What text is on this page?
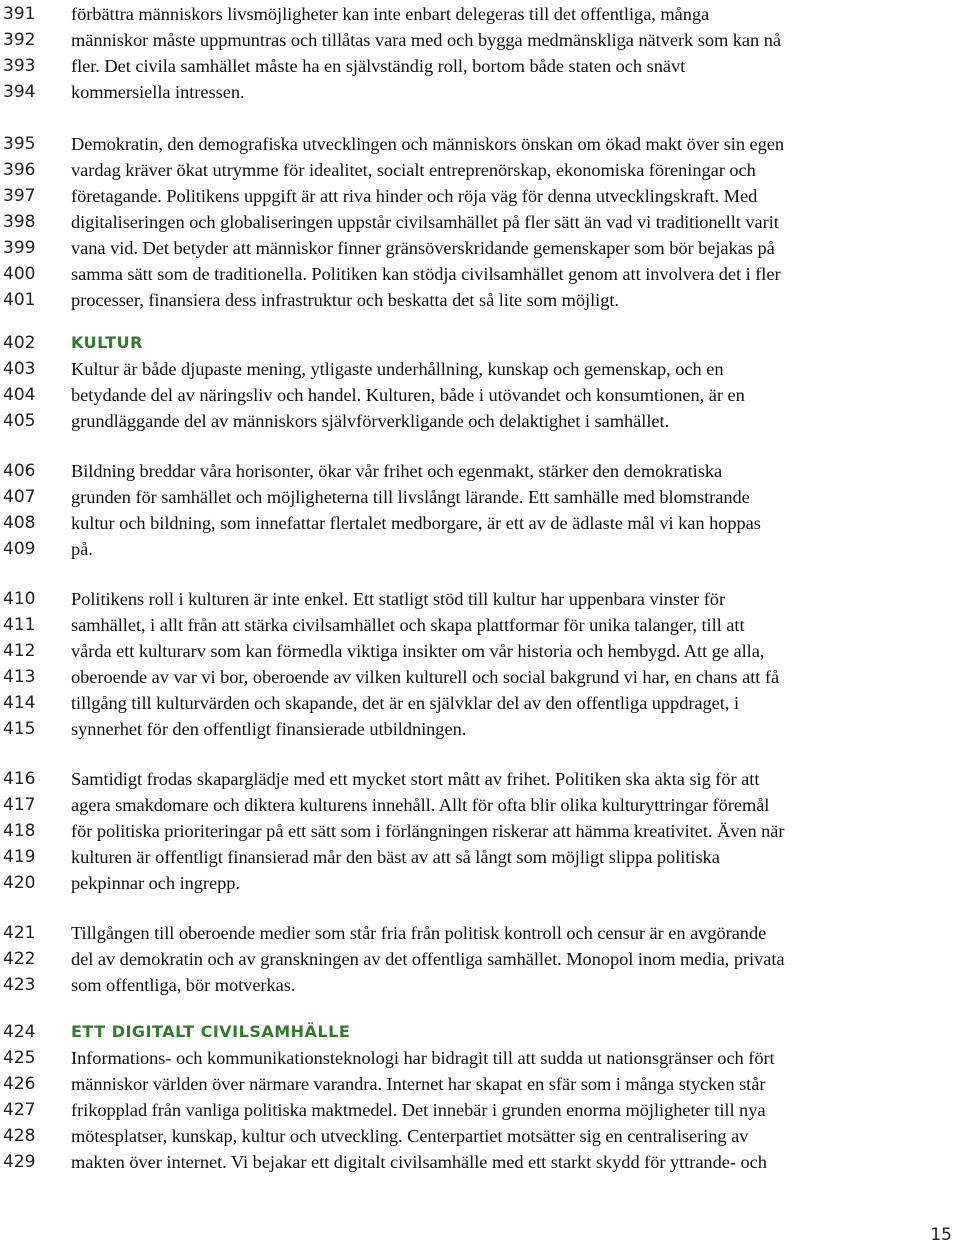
391	förbättra människors livsmöjligheter kan inte enbart delegeras till det offentliga, många
392	människor måste uppmuntras och tillåtas vara med och bygga medmänskliga nätverk som kan nå
393	fler. Det civila samhället måste ha en självständig roll, bortom både staten och snävt
394	kommersiella intressen.
395	Demokratin, den demografiska utvecklingen och människors önskan om ökad makt över sin egen
396	vardag kräver ökat utrymme för idealitet, socialt entreprenörskap, ekonomiska föreningar och
397	företagande. Politikens uppgift är att riva hinder och röja väg för denna utvecklingskraft. Med
398	digitaliseringen och globaliseringen uppstår civilsamhället på fler sätt än vad vi traditionellt varit
399	vana vid. Det betyder att människor finner gränsöverskridande gemenskaper som bör bejakas på
400	samma sätt som de traditionella. Politiken kan stödja civilsamhället genom att involvera det i fler
401	processer, finansiera dess infrastruktur och beskatta det så lite som möjligt.
402	KULTUR
403	Kultur är både djupaste mening, ytligaste underhållning, kunskap och gemenskap, och en
404	betydande del av näringsliv och handel. Kulturen, både i utövandet och konsumtionen, är en
405	grundläggande del av människors självförverkligande och delaktighet i samhället.
406	Bildning breddar våra horisonter, ökar vår frihet och egenmakt, stärker den demokratiska
407	grunden för samhället och möjligheterna till livslångt lärande. Ett samhälle med blomstrande
408	kultur och bildning, som innefattar flertalet medborgare, är ett av de ädlaste mål vi kan hoppas
409	på.
410	Politikens roll i kulturen är inte enkel. Ett statligt stöd till kultur har uppenbara vinster för
411	samhället, i allt från att stärka civilsamhället och skapa plattformar för unika talanger, till att
412	vårda ett kulturarv som kan förmedla viktiga insikter om vår historia och hembygd. Att ge alla,
413	oberoende av var vi bor, oberoende av vilken kulturell och social bakgrund vi har, en chans att få
414	tillgång till kulturvärden och skapande, det är en självklar del av den offentliga uppdraget, i
415	synnerhet för den offentligt finansierade utbildningen.
416	Samtidigt frodas skaparglädje med ett mycket stort mått av frihet. Politiken ska akta sig för att
417	agera smakdomare och diktera kulturens innehåll. Allt för ofta blir olika kulturyttringar föremål
418	för politiska prioriteringar på ett sätt som i förlängningen riskerar att hämma kreativitet. Även när
419	kulturen är offentligt finansierad mår den bäst av att så långt som möjligt slippa politiska
420	pekpinnar och ingrepp.
421	Tillgången till oberoende medier som står fria från politisk kontroll och censur är en avgörande
422	del av demokratin och av granskningen av det offentliga samhället. Monopol inom media, privata
423	som offentliga, bör motverkas.
424	ETT DIGITALT CIVILSAMHÄLLE
425	Informations- och kommunikationsteknologi har bidragit till att sudda ut nationsgränser och fört
426	människor världen över närmare varandra. Internet har skapat en sfär som i många stycken står
427	frikopplad från vanliga politiska maktmedel. Det innebär i grunden enorma möjligheter till nya
428	mötesplatser, kunskap, kultur och utveckling. Centerpartiet motsätter sig en centralisering av
429	makten över internet. Vi bejakar ett digitalt civilsamhälle med ett starkt skydd för yttrande- och
15
